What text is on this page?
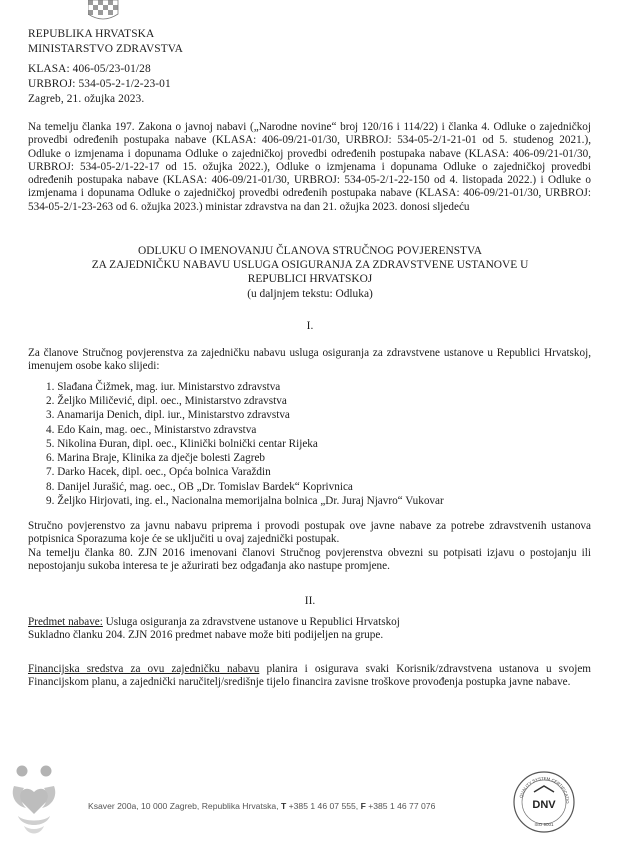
REPUBLIKA HRVATSKA
MINISTARSTVO ZDRAVSTVA
KLASA: 406-05/23-01/28
URBROJ: 534-05-2-1/2-23-01
Zagreb, 21. ožujka 2023.
Na temelju članka 197. Zakona o javnoj nabavi („Narodne novine“ broj 120/16 i 114/22) i članka 4. Odluke o zajedničkoj provedbi određenih postupaka nabave (KLASA: 406-09/21-01/30, URBROJ: 534-05-2/1-21-01 od 5. studenog 2021.), Odluke o izmjenama i dopunama Odluke o zajedničkoj provedbi određenih postupaka nabave (KLASA: 406-09/21-01/30, URBROJ: 534-05-2/1-22-17 od 15. ožujka 2022.), Odluke o izmjenama i dopunama Odluke o zajedničkoj provedbi određenih postupaka nabave (KLASA: 406-09/21-01/30, URBROJ: 534-05-2/1-22-150 od 4. listopada 2022.) i Odluke o izmjenama i dopunama Odluke o zajedničkoj provedbi određenih postupaka nabave (KLASA: 406-09/21-01/30, URBROJ: 534-05-2/1-23-263 od 6. ožujka 2023.) ministar zdravstva na dan 21. ožujka 2023. donosi sljedeću
ODLUKU O IMENOVANJU ČLANOVA STRUČNOG POVJERENSTVA
ZA ZAJEDNIČKU NABAVU USLUGA OSIGURANJA ZA ZDRAVSTVENE USTANOVE U
REPUBLICI HRVATSKOJ
(u daljnjem tekstu: Odluka)
I.
Za članove Stručnog povjerenstva za zajedničku nabavu usluga osiguranja za zdravstvene ustanove u Republici Hrvatskoj, imenujem osobe kako slijedi:
1. Slađana Čižmek, mag. iur. Ministarstvo zdravstva
2. Željko Miličević, dipl. oec., Ministarstvo zdravstva
3. Anamarija Denich, dipl. iur., Ministarstvo zdravstva
4. Edo Kain, mag. oec., Ministarstvo zdravstva
5. Nikolina Đuran, dipl. oec., Klinički bolnički centar Rijeka
6. Marina Braje, Klinika za dječje bolesti Zagreb
7. Darko Hacek, dipl. oec., Opća bolnica Varaždin
8. Danijel Jurašić, mag. oec., OB „Dr. Tomislav Bardek“ Koprivnica
9. Željko Hirjovati, ing. el., Nacionalna memorijalna bolnica „Dr. Juraj Njavro“ Vukovar
Stručno povjerenstvo za javnu nabavu priprema i provodi postupak ove javne nabave za potrebe zdravstvenih ustanova potpisnica Sporazuma koje će se uključiti u ovaj zajednički postupak.
Na temelju članka 80. ZJN 2016 imenovani članovi Stručnog povjerenstva obvezni su potpisati izjavu o postojanju ili nepostojanju sukoba interesa te je ažurirati bez odgađanja ako nastupe promjene.
II.
Predmet nabave: Usluga osiguranja za zdravstvene ustanove u Republici Hrvatskoj
Sukladno članku 204. ZJN 2016 predmet nabave može biti podijeljen na grupe.
Financijska sredstva za ovu zajedničku nabavu planira i osigurava svaki Korisnik/zdravstvena ustanova u svojem Financijskom planu, a zajednički naručitelj/središnje tijelo financira zavisne troškove provođenja postupka javne nabave.
Ksaver 200a, 10 000 Zagreb, Republika Hrvatska, T +385 1 46 07 555, F +385 1 46 77 076
QUALITY SYSTEM CERTIFICATIO
DNV
ISO 9001
